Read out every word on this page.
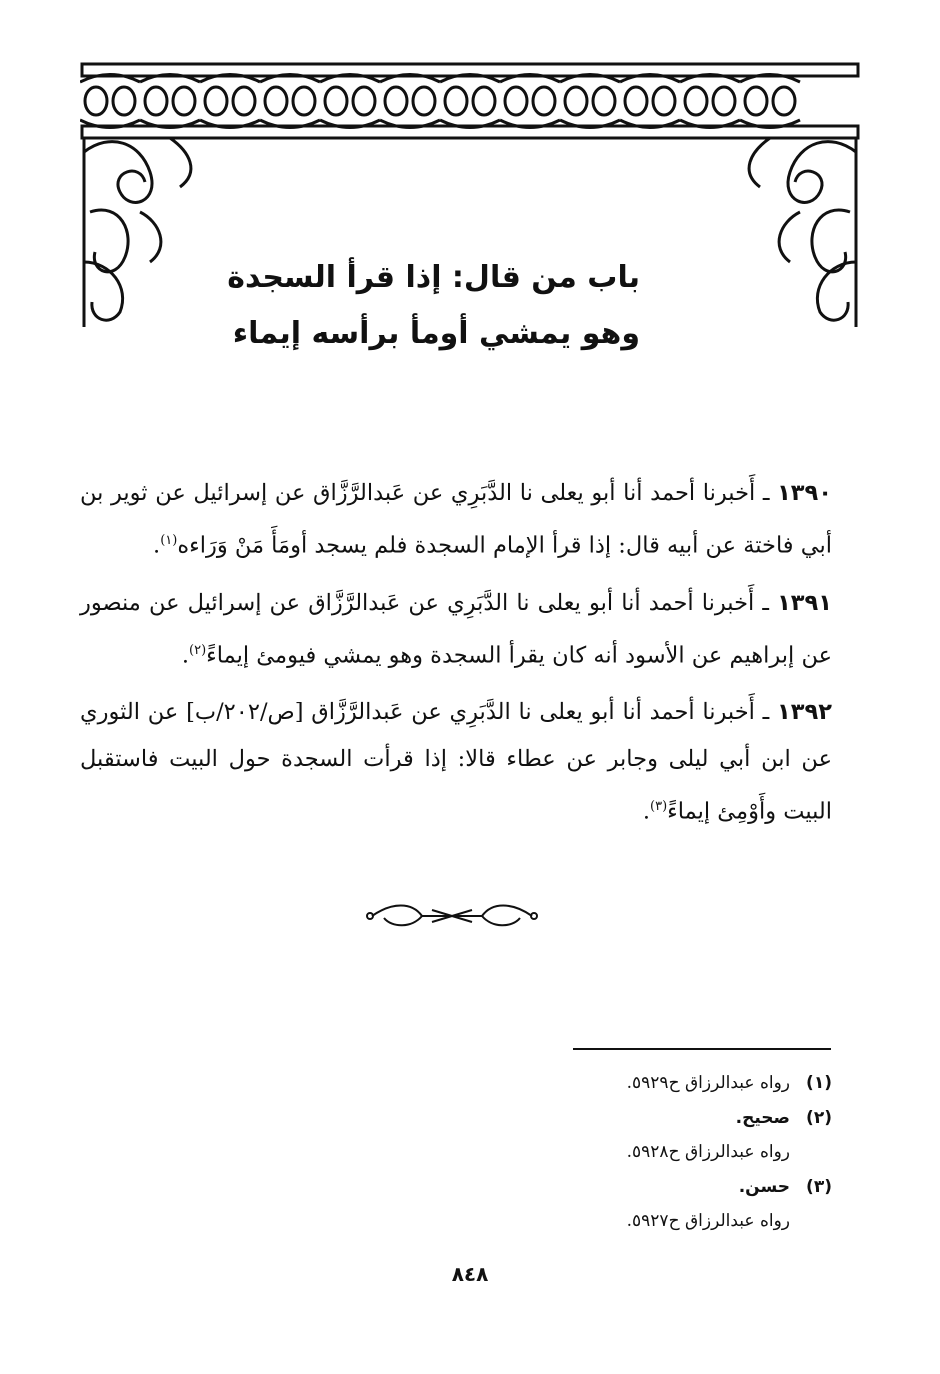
باب من قال: إذا قرأ السجدة
وهو يمشي أومأ برأسه إيماء

١٣٩٠ ـ أَخبرنا أحمد أنا أبو يعلى نا الدَّبَرِي عن عَبدالرَّزَّاق عن إسرائيل عن ثوير بن أبي فاختة عن أبيه قال: إذا قرأ الإمام السجدة فلم يسجد أومَأَ مَنْ وَرَاءه$^{(١)}$.

١٣٩١ ـ أَخبرنا أحمد أنا أبو يعلى نا الدَّبَرِي عن عَبدالرَّزَّاق عن إسرائيل عن منصور عن إبراهيم عن الأسود أنه كان يقرأ السجدة وهو يمشي فيومئ إيماءً$^{(٢)}$.

١٣٩٢ ـ أَخبرنا أحمد أنا أبو يعلى نا الدَّبَرِي عن عَبدالرَّزَّاق [ص/٢٠٢/ب] عن الثوري عن ابن أبي ليلى وجابر عن عطاء قالا: إذا قرأت السجدة حول البيت فاستقبل البيت وأَوْمِئ إيماءً$^{(٣)}$.

(١)رواه عبدالرزاق ح٥٩٢٩.
(٢)صحيح.
رواه عبدالرزاق ح٥٩٢٨.
(٣)حسن.
رواه عبدالرزاق ح٥٩٢٧.
٨٤٨
